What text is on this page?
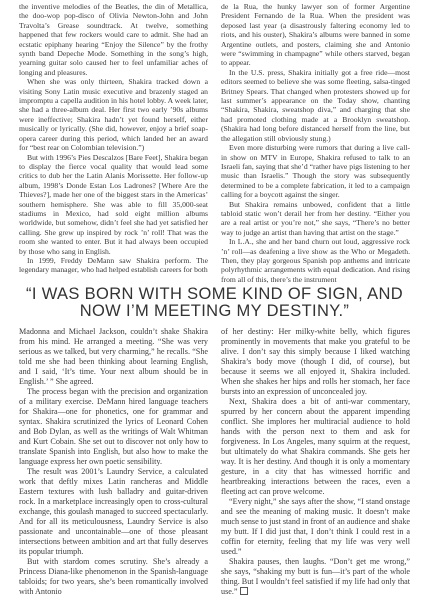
the inventive melodies of the Beatles, the din of Metallica, the doo-wop pop-disco of Olivia Newton-John and John Travolta’s Grease soundtrack. At twelve, something happened that few rockers would care to admit. She had an ecstatic epiphany hearing “Enjoy the Silence” by the frothy synth band Depeche Mode. Something in the song’s high, yearning guitar solo caused her to feel unfamiliar aches of longing and pleasures.

When she was only thirteen, Shakira tracked down a visiting Sony Latin music executive and brazenly staged an impromptu a capella audition in his hotel lobby. A week later, she had a three-album deal. Her first two early ’90s albums were ineffective; Shakira hadn’t yet found herself, either musically or lyrically. (She did, however, enjoy a brief soap-opera career during this period, which landed her an award for “best rear on Colombian television.”)

But with 1996’s Pies Descalzos [Bare Feet], Shakira began to display the fierce vocal quality that would lead some critics to dub her the Latin Alanis Morissette. Her follow-up album, 1998’s Donde Estan Los Ladrones? [Where Are the Thieves?], made her one of the biggest stars in the Americas’ southern hemisphere. She was able to fill 35,000-seat stadiums in Mexico, had sold eight million albums worldwide, but somehow, didn’t feel she had yet satisfied her calling. She grew up inspired by rock ’n’ roll! That was the room she wanted to enter. But it had always been occupied by those who sang in English.

In 1999, Freddy DeMann saw Shakira perform. The legendary manager, who had helped establish careers for both

de la Rua, the hunky lawyer son of former Argentine President Fernando de la Rua. When the president was deposed last year (a disastrously faltering economy led to riots, and his ouster), Shakira’s albums were banned in some Argentine outlets, and posters, claiming she and Antonio were “swimming in champagne” while others starved, began to appear.

In the U.S. press, Shakira initially got a free ride—most editors seemed to believe she was some fleeting, salsa-tinged Britney Spears. That changed when protesters showed up for last summer’s appearance on the Today show, chanting “Shakira, Shakira, sweatshop diva,” and charging that she had promoted clothing made at a Brooklyn sweatshop. (Shakira had long before distanced herself from the line, but the allegation still obviously stung.)

Even more disturbing were rumors that during a live call-in show on MTV in Europe, Shakira refused to talk to an Israeli fan, saying that she’d “rather have pigs listening to her music than Israelis.” Though the story was subsequently determined to be a complete fabrication, it led to a campaign calling for a boycott against the singer.

But Shakira remains unbowed, confident that a little tabloid static won’t derail her from her destiny. “Either you are a real artist or you’re not,” she says, “There’s no better way to judge an artist than having that artist on the stage.”

In L.A., she and her band churn out loud, aggressive rock ’n’ roll—as deafening a live show as the Who or Megadeth. Then, they play gorgeous Spanish pop anthems and intricate polyrhythmic arrangements with equal dedication. And rising from all of this, there’s the instrument

“I WAS BORN WITH SOME KIND OF SIGN, AND
NOW I’M MEETING MY DESTINY.”

Madonna and Michael Jackson, couldn’t shake Shakira from his mind. He arranged a meeting. “She was very serious as we talked, but very charming,” he recalls. “She told me she had been thinking about learning English, and I said, ‘It’s time. Your next album should be in English.’ ” She agreed.

The process began with the precision and organization of a military exercise. DeMann hired language teachers for Shakira—one for phonetics, one for grammar and syntax. Shakira scrutinized the lyrics of Leonard Cohen and Bob Dylan, as well as the writings of Walt Whitman and Kurt Cobain. She set out to discover not only how to translate Spanish into English, but also how to make the language express her own poetic sensibility.

The result was 2001’s Laundry Service, a calculated work that deftly mixes Latin rancheras and Middle Eastern textures with lush balladry and guitar-driven rock. In a marketplace increasingly open to cross-cultural exchange, this goulash managed to succeed spectacularly. And for all its meticulousness, Laundry Service is also passionate and uncontainable—one of those pleasant intersections between ambition and art that fully deserves its popular triumph.

But with stardom comes scrutiny. She’s already a Princess Diana-like phenomenon in the Spanish-language tabloids; for two years, she’s been romantically involved with Antonio

of her destiny: Her milky-white belly, which figures prominently in movements that make you grateful to be alive. I don’t say this simply because I liked watching Shakira’s body move (though I did, of course), but because it seems we all enjoyed it, Shakira included. When she shakes her hips and rolls her stomach, her face bursts into an expression of unconcealed joy.

Next, Shakira does a bit of anti-war commentary, spurred by her concern about the apparent impending conflict. She implores her multiracial audience to hold hands with the person next to them and ask for forgiveness. In Los Angeles, many squirm at the request, but ultimately do what Shakira commands. She gets her way. It is her destiny. And though it is only a momentary gesture, in a city that has witnessed horrific and heartbreaking interactions between the races, even a fleeting act can prove welcome.

“Every night,” she says after the show, “I stand onstage and see the meaning of making music. It doesn’t make much sense to just stand in front of an audience and shake my butt. If I did just that, I don’t think I could rest in a coffin for eternity, feeling that my life was very well used.”

Shakira pauses, then laughs. “Don’t get me wrong,” she says, “shaking my butt is fun—it’s part of the whole thing. But I wouldn’t feel satisfied if my life had only that use.”
